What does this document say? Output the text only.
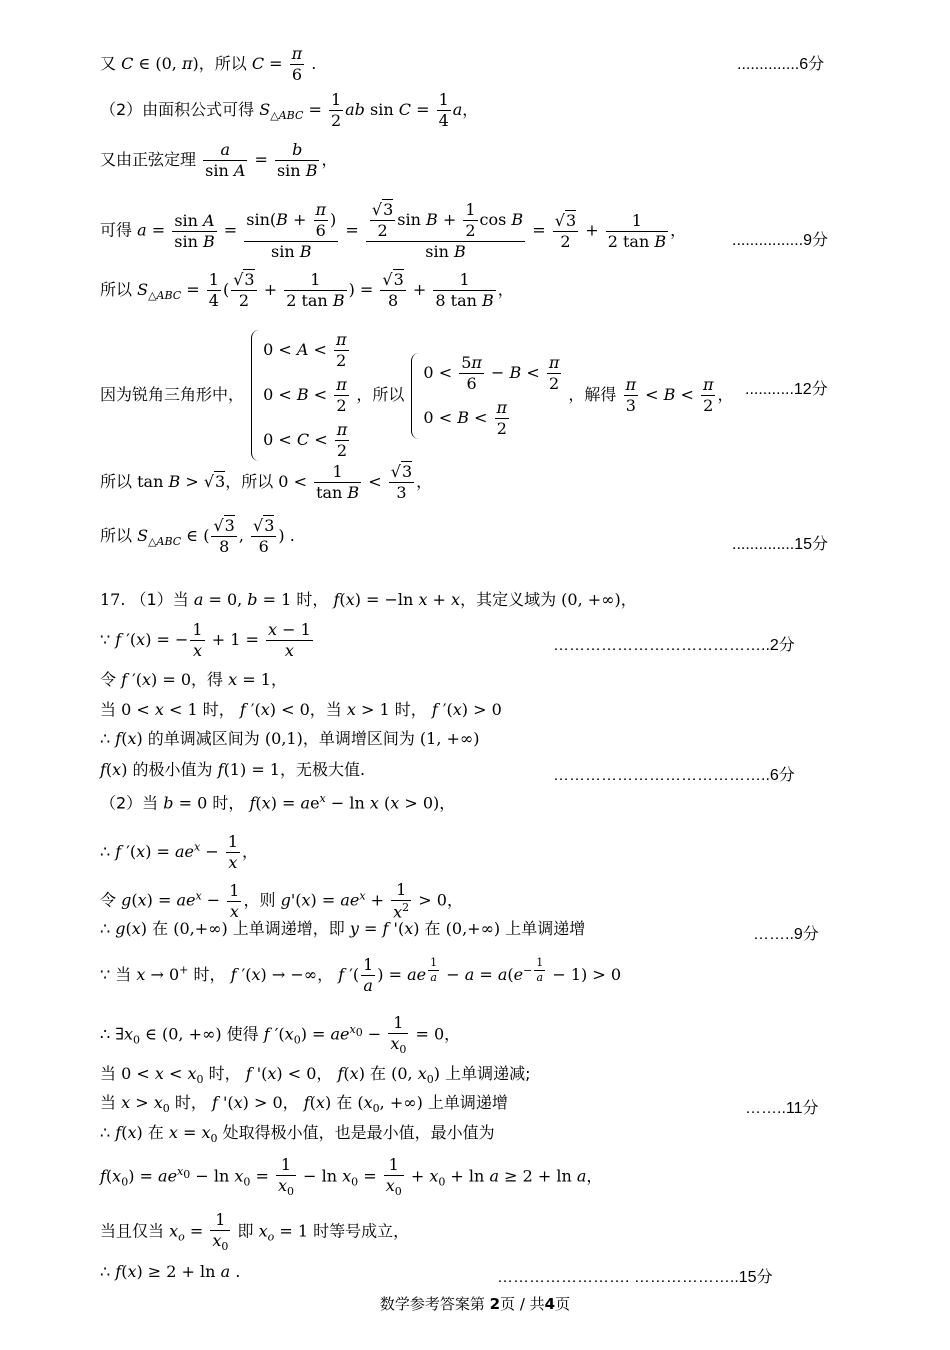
又 C ∈ (0, π)，所以 $C = \frac{\pi}{6}$ .	..............6分
（2）由面积公式可得 $S_{\triangle ABC} = \frac{1}{2}$ ab $\sin C = \frac{1}{4}$ a，
又由正弦定理 $\frac{a}{\text{sin A}} = \frac{b}{\text{sin B}}$ ，
可得 $a = \frac{\text{sin A}}{\text{sin B}} = \frac{\sin(B + \frac{\pi}{6} )}{\text{sin B}} = \frac{\frac{√3}{2} \sin B + \frac{1}{2} \cos B}{\text{sin B}} = \frac{√3}{2} + \frac{1}{\text{2 tan B}}$ ，
................9分
所以 $S_{\triangle ABC} = \frac{1}{4}$ ( $\frac{√3}{2} + \frac{1}{\text{2 tan B}}$ ) = $\frac{√3}{8} + \frac{1}{\text{8 tan B}}$ ，
因为锐角三角形中，
$0 < A < \frac{\pi}{2}$
$0 < B < \frac{\pi}{2}$
$0 < C < \frac{\pi}{2}$
，所以
$0 < \frac{5\pi}{6} - B < \frac{\pi}{2}$
$0 < B < \frac{\pi}{2}$
，解得 $\frac{\pi}{3} < B < \frac{\pi}{2}$ ， ...........12分
所以 tan B > √3，所以 $0 < \frac{1}{\text{tan B}} < \frac{√3}{3}$ ，
所以 $S_{\triangle ABC}$ ∈ ( $\frac{√3}{8}$ , $\frac{√3}{6}$ ) .	..............15分
17. （1）当 a = 0, b = 1 时， f(x) = −ln x + x，其定义域为 (0, +∞)，
∵ f ′(x) = − $\frac{1}{x} + 1 = \frac{x - 1}{x}$	…………………………………..2分
令 f ′(x) = 0，得 x = 1，
当 0 < x < 1 时， f ′(x) < 0，当 x > 1 时， f ′(x) > 0
∴ f(x) 的单调减区间为 (0,1)，单调增区间为 (1, +∞)
f(x) 的极小值为 f(1) = 1，无极大值.	…………………………………..6分
（2）当 b = 0 时， $f(x) = ae^x - \ln x$ (x > 0)，
∴ f $'(x) = ae^x - \frac{1}{x}$ ，
令 $g(x) = ae^x - \frac{1}{x}$ ，则 $g'(x) = ae^x + \frac{1}{x^2} > 0$，
∴ g(x) 在 (0,+∞) 上单调递增，即 y = f '(x) 在 (0,+∞) 上单调递增	……..9分
∵ 当 x → 0+ 时， f ′(x) → −∞， f ′( $\frac{1}{a}$ ) = ae $^{\frac{1}{a}} - a = a(e^{- \frac{1}{a}} - 1) > 0$
∴ $\exists x_0$ ∈ (0, +∞) 使得 f $'(x_0) = ae^{x_0} - \frac{1}{x_0} = 0$，
当 $0 < x < x_0$ 时， f '(x) < 0， f(x) 在 (0, $x_0$) 上单调递减;
当 $x > x_0$ 时， f '(x) > 0， f(x) 在 ($x_0$, +∞) 上单调递增	……..11分
∴ f(x) 在 $x = x_0$ 处取得极小值，也是最小值，最小值为
$f(x_0) = ae^{x_0} - \ln x_0 = \frac{1}{x_0} - \ln x_0 = \frac{1}{x_0} + x_0 + \ln a \ge 2 + \ln a$，
当且仅当 $x_o = \frac{1}{x_0}$ 即 $x_o = 1$ 时等号成立，
∴ f(x) ≥ 2 + ln a .	……………………. ………………..15分
数学参考答案第 2页 / 共4页
